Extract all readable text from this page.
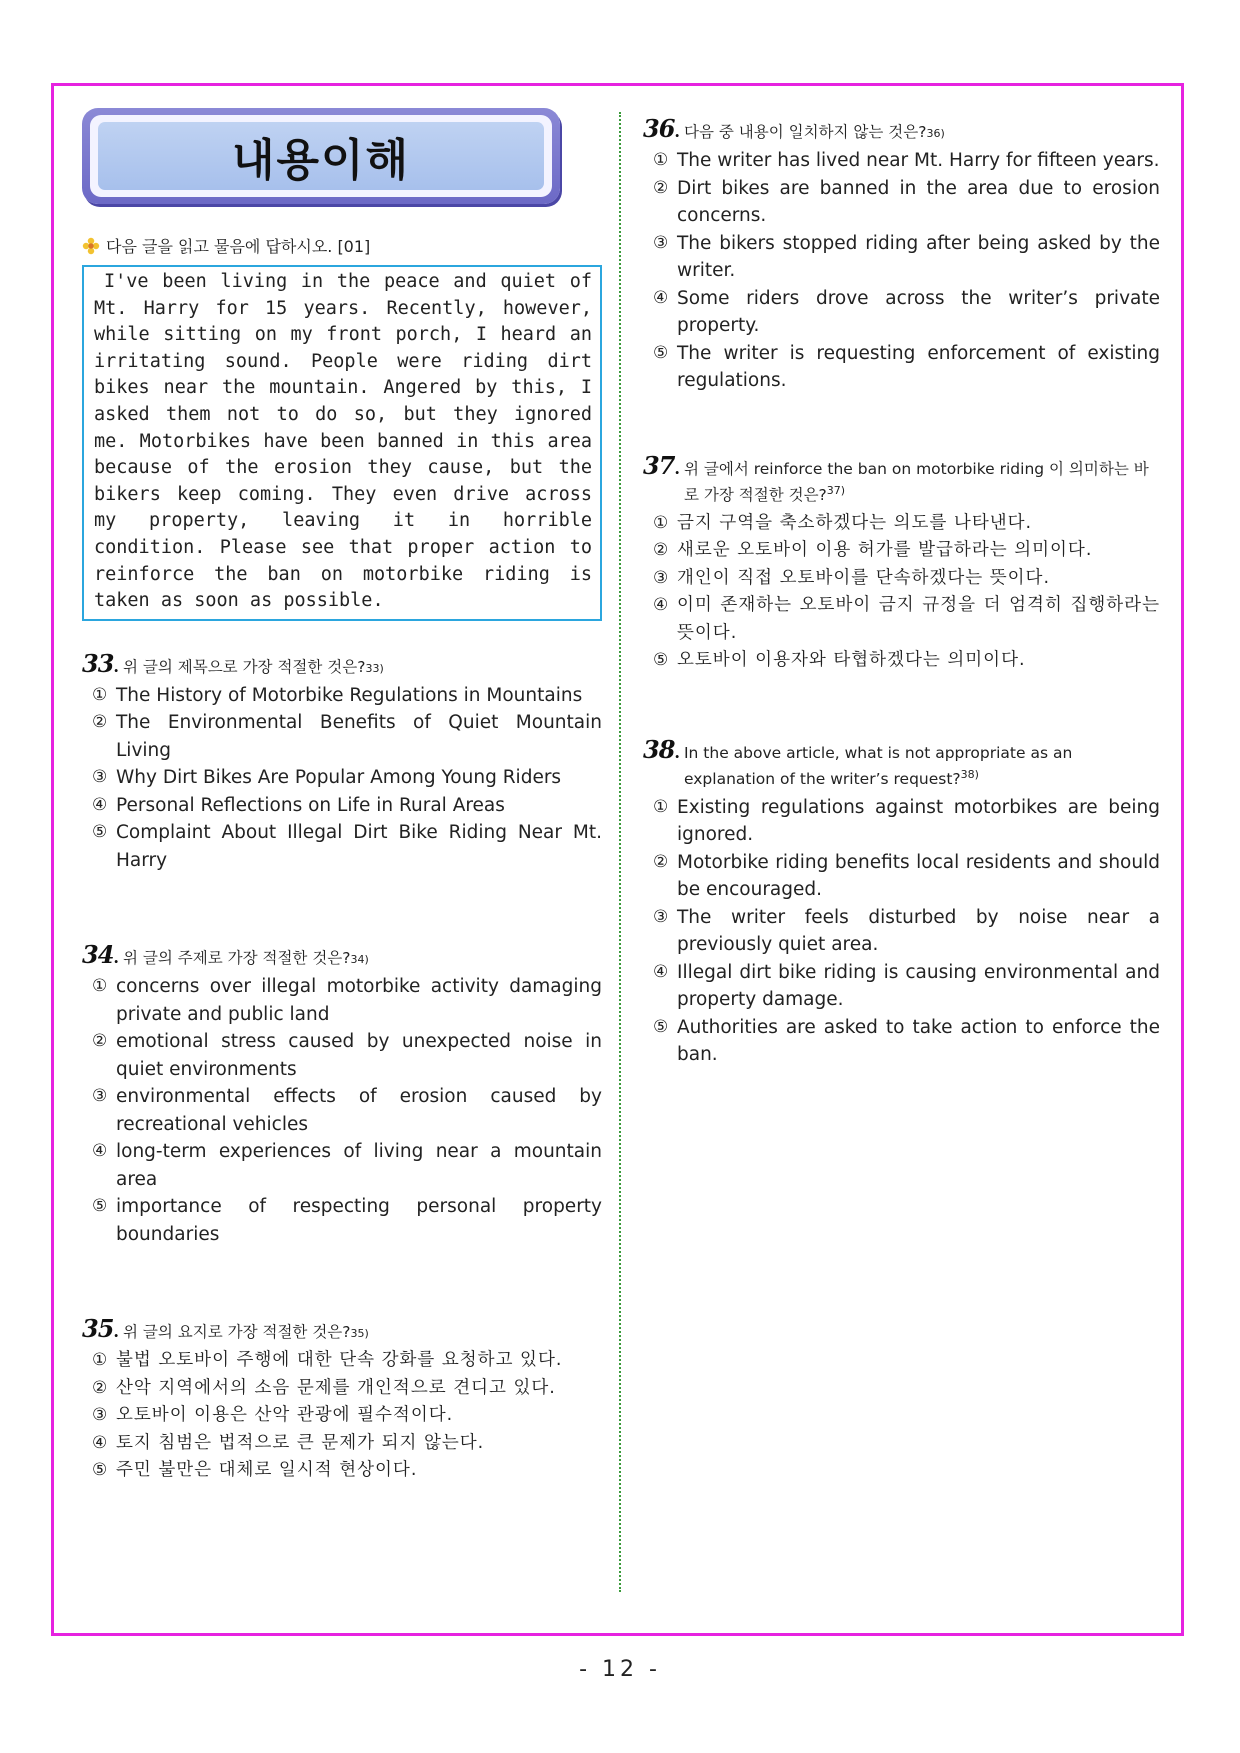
내용이해
다음 글을 읽고 물음에 답하시오. [01]
I've been living in the peace and quiet of Mt. Harry for 15 years. Recently, however, while sitting on my front porch, I heard an irritating sound. People were riding dirt bikes near the mountain. Angered by this, I asked them not to do so, but they ignored me. Motorbikes have been banned in this area because of the erosion they cause, but the bikers keep coming. They even drive across my property, leaving it in horrible condition. Please see that proper action to reinforce the ban on motorbike riding is taken as soon as possible.
33 . 위 글의 제목으로 가장 적절한 것은? 33)
① The History of Motorbike Regulations in Mountains
② The Environmental Benefits of Quiet Mountain Living
③ Why Dirt Bikes Are Popular Among Young Riders
④ Personal Reflections on Life in Rural Areas
⑤ Complaint About Illegal Dirt Bike Riding Near Mt. Harry
34 . 위 글의 주제로 가장 적절한 것은? 34)
① concerns over illegal motorbike activity damaging private and public land
② emotional stress caused by unexpected noise in quiet environments
③ environmental effects of erosion caused by recreational vehicles
④ long-term experiences of living near a mountain area
⑤ importance of respecting personal property boundaries
35 . 위 글의 요지로 가장 적절한 것은? 35)
① 불법 오토바이 주행에 대한 단속 강화를 요청하고 있다.
② 산악 지역에서의 소음 문제를 개인적으로 견디고 있다.
③ 오토바이 이용은 산악 관광에 필수적이다.
④ 토지 침범은 법적으로 큰 문제가 되지 않는다.
⑤ 주민 불만은 대체로 일시적 현상이다.
36 . 다음 중 내용이 일치하지 않는 것은? 36)
① The writer has lived near Mt. Harry for fifteen years.
② Dirt bikes are banned in the area due to erosion concerns.
③ The bikers stopped riding after being asked by the writer.
④ Some riders drove across the writer’s private property.
⑤ The writer is requesting enforcement of existing regulations.
37 . 위 글에서 reinforce the ban on motorbike riding 이 의미하는 바로 가장 적절한 것은?$^{37)}$
① 금지 구역을 축소하겠다는 의도를 나타낸다.
② 새로운 오토바이 이용 허가를 발급하라는 의미이다.
③ 개인이 직접 오토바이를 단속하겠다는 뜻이다.
④ 이미 존재하는 오토바이 금지 규정을 더 엄격히 집행하라는 뜻이다.
⑤ 오토바이 이용자와 타협하겠다는 의미이다.
38 . In the above article, what is not appropriate as an explanation of the writer’s request?$^{38)}$
① Existing regulations against motorbikes are being ignored.
② Motorbike riding benefits local residents and should be encouraged.
③ The writer feels disturbed by noise near a previously quiet area.
④ Illegal dirt bike riding is causing environmental and property damage.
⑤ Authorities are asked to take action to enforce the ban.
- 12 -
